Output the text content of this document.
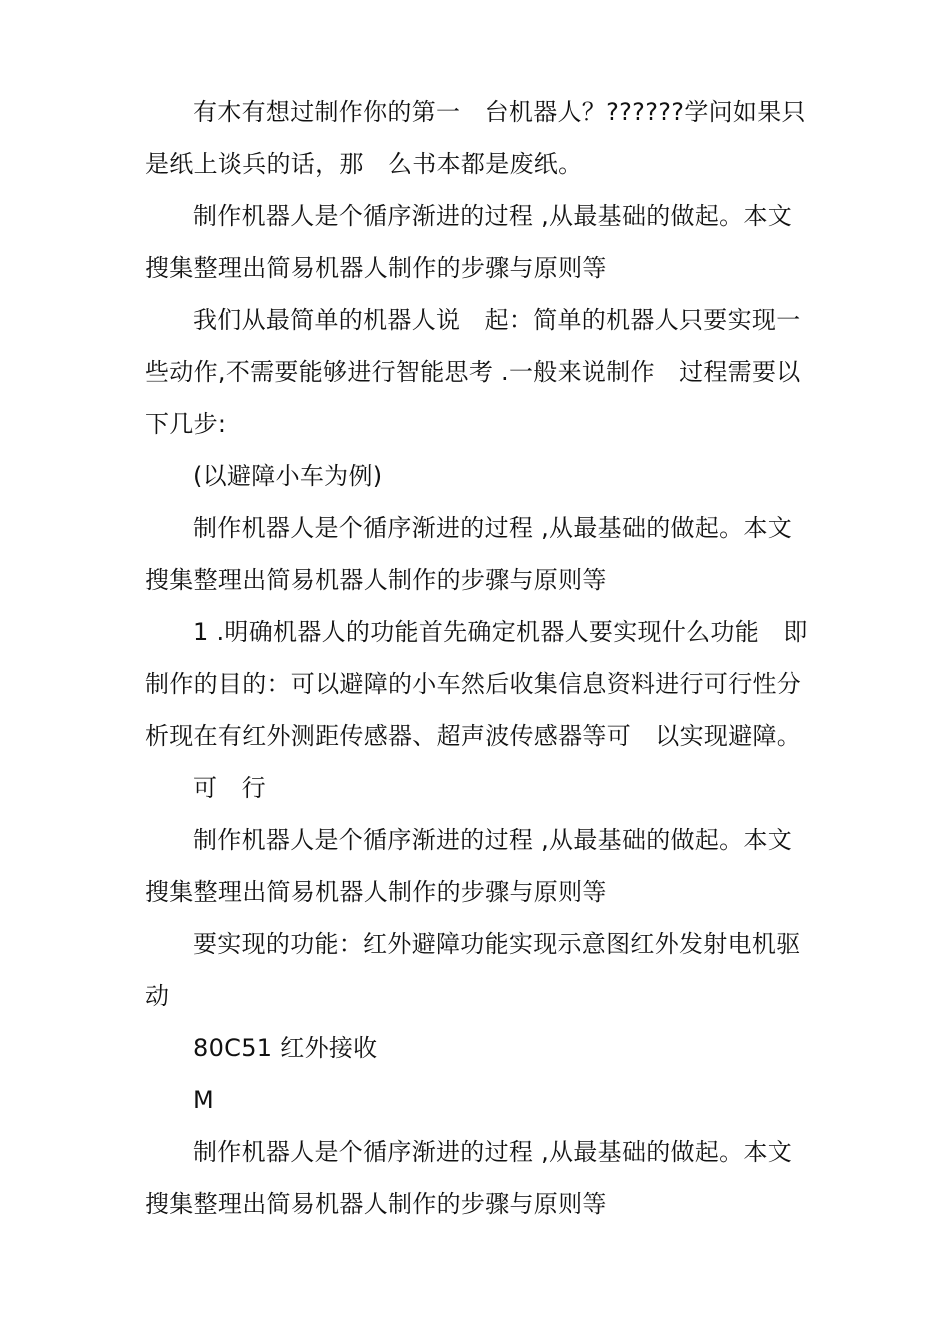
有木有想过制作你的第一　台机器人？??????学问如果只是纸上谈兵的话，那　么书本都是废纸。

制作机器人是个循序渐进的过程 ,从最基础的做起。本文搜集整理出简易机器人制作的步骤与原则等

我们从最简单的机器人说　起：简单的机器人只要实现一些动作,不需要能够进行智能思考 .一般来说制作　过程需要以下几步:

(以避障小车为例)

制作机器人是个循序渐进的过程 ,从最基础的做起。本文搜集整理出简易机器人制作的步骤与原则等

1 .明确机器人的功能首先确定机器人要实现什么功能　即制作的目的：可以避障的小车然后收集信息资料进行可行性分析现在有红外测距传感器、超声波传感器等可　以实现避障。

可　行

制作机器人是个循序渐进的过程 ,从最基础的做起。本文搜集整理出简易机器人制作的步骤与原则等

要实现的功能：红外避障功能实现示意图红外发射电机驱动

80C51 红外接收

M

制作机器人是个循序渐进的过程 ,从最基础的做起。本文搜集整理出简易机器人制作的步骤与原则等
